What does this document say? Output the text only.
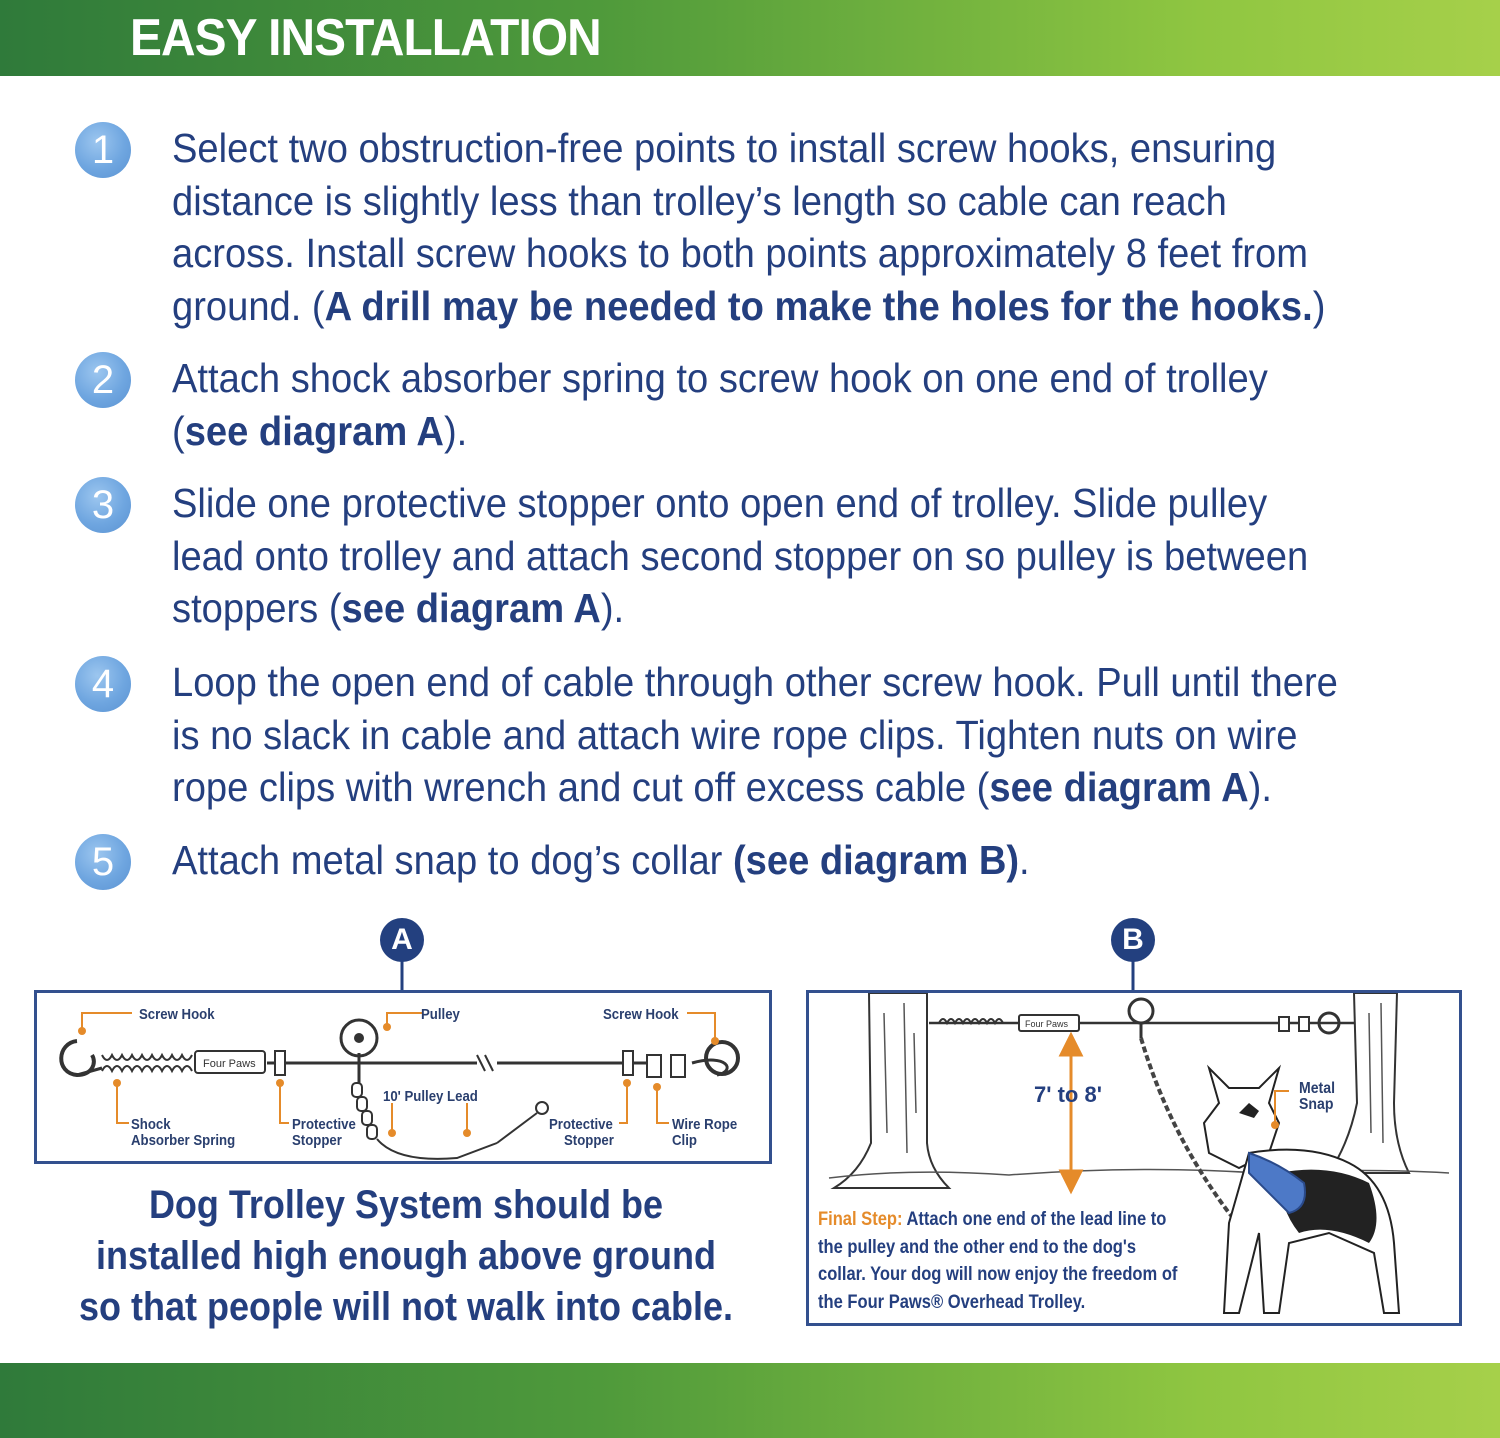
EASY INSTALLATION
1	Select two obstruction-free points to install screw hooks, ensuring distance is slightly less than trolley’s length so cable can reach across. Install screw hooks to both points approximately 8 feet from ground. (A drill may be needed to make the holes for the hooks.)
2	Attach shock absorber spring to screw hook on one end of trolley (see diagram A).
3	Slide one protective stopper onto open end of trolley. Slide pulley lead onto trolley and attach second stopper on so pulley is between stoppers (see diagram A).
4	Loop the open end of cable through other screw hook. Pull until there is no slack in cable and attach wire rope clips. Tighten nuts on wire rope clips with wrench and cut off excess cable (see diagram A).
5	Attach metal snap to dog’s collar (see diagram B).
A
Four Paws
Screw Hook	Pulley	Screw Hook
10' Pulley Lead
Shock
Absorber Spring
Protective
Stopper
Protective
Stopper
Wire Rope
Clip
Dog Trolley System should be installed high enough above ground so that people will not walk into cable.
B
Four Paws
Metal
Snap
7' to 8'
Final Step: Attach one end of the lead line to the pulley and the other end to the dog's collar. Your dog will now enjoy the freedom of the Four Paws® Overhead Trolley.
